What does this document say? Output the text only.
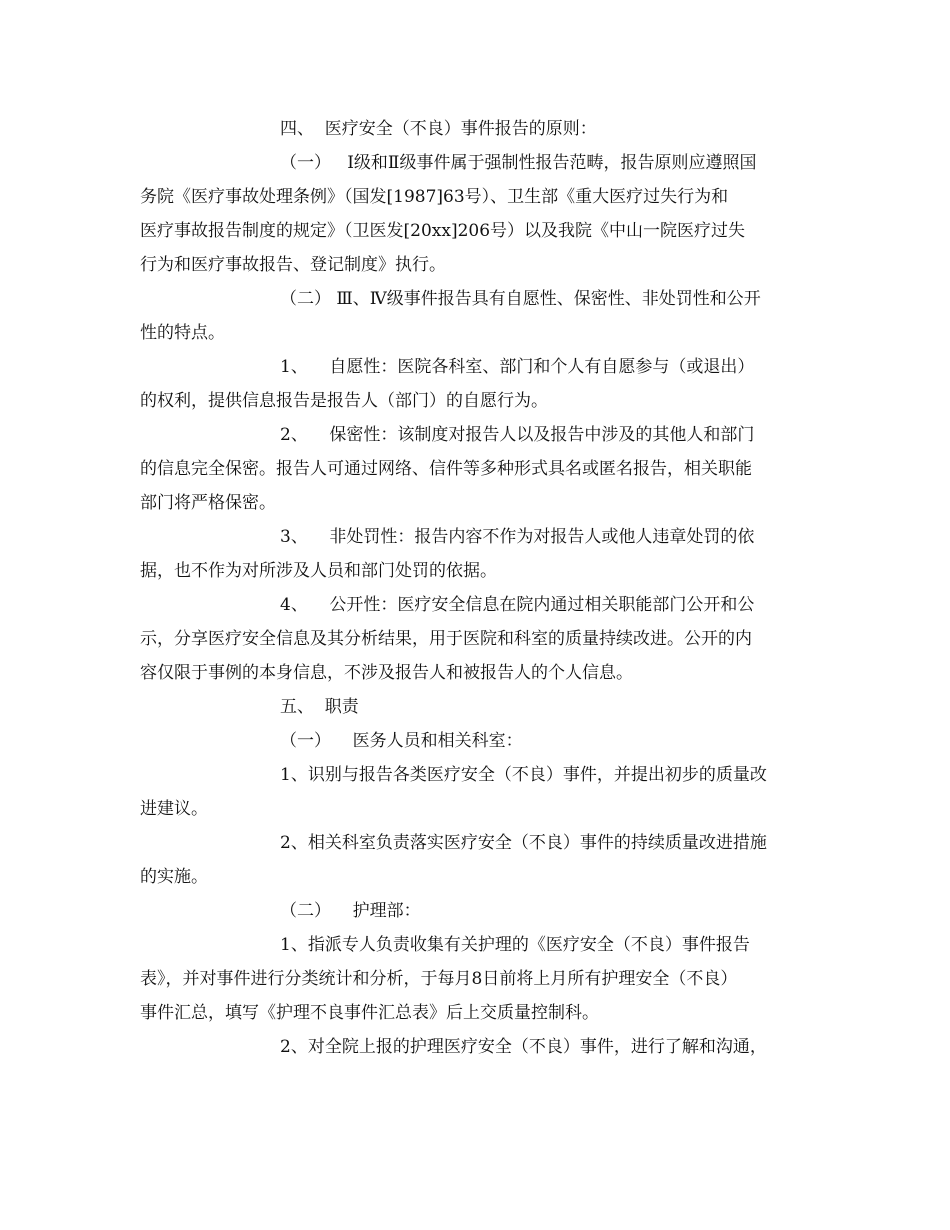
四、  医疗安全（不良）事件报告的原则：
（一）   Ⅰ级和Ⅱ级事件属于强制性报告范畴，报告原则应遵照国
务院《医疗事故处理条例》（国发[1987]63号）、卫生部《重大医疗过失行为和
医疗事故报告制度的规定》（卫医发[20xx]206号）以及我院《中山一院医疗过失
行为和医疗事故报告、登记制度》执行。
（二） Ⅲ、Ⅳ级事件报告具有自愿性、保密性、非处罚性和公开
性的特点。
1、    自愿性：医院各科室、部门和个人有自愿参与（或退出）
的权利，提供信息报告是报告人（部门）的自愿行为。
2、    保密性：该制度对报告人以及报告中涉及的其他人和部门
的信息完全保密。报告人可通过网络、信件等多种形式具名或匿名报告，相关职能
部门将严格保密。
3、    非处罚性：报告内容不作为对报告人或他人违章处罚的依
据，也不作为对所涉及人员和部门处罚的依据。
4、    公开性：医疗安全信息在院内通过相关职能部门公开和公
示，分享医疗安全信息及其分析结果，用于医院和科室的质量持续改进。公开的内
容仅限于事例的本身信息，不涉及报告人和被报告人的个人信息。
五、  职责
（一）    医务人员和相关科室：
1、识别与报告各类医疗安全（不良）事件，并提出初步的质量改
进建议。
2、相关科室负责落实医疗安全（不良）事件的持续质量改进措施
的实施。
（二）    护理部：
1、指派专人负责收集有关护理的《医疗安全（不良）事件报告
表》，并对事件进行分类统计和分析，于每月8日前将上月所有护理安全（不良）
事件汇总，填写《护理不良事件汇总表》后上交质量控制科。
2、对全院上报的护理医疗安全（不良）事件，进行了解和沟通，
